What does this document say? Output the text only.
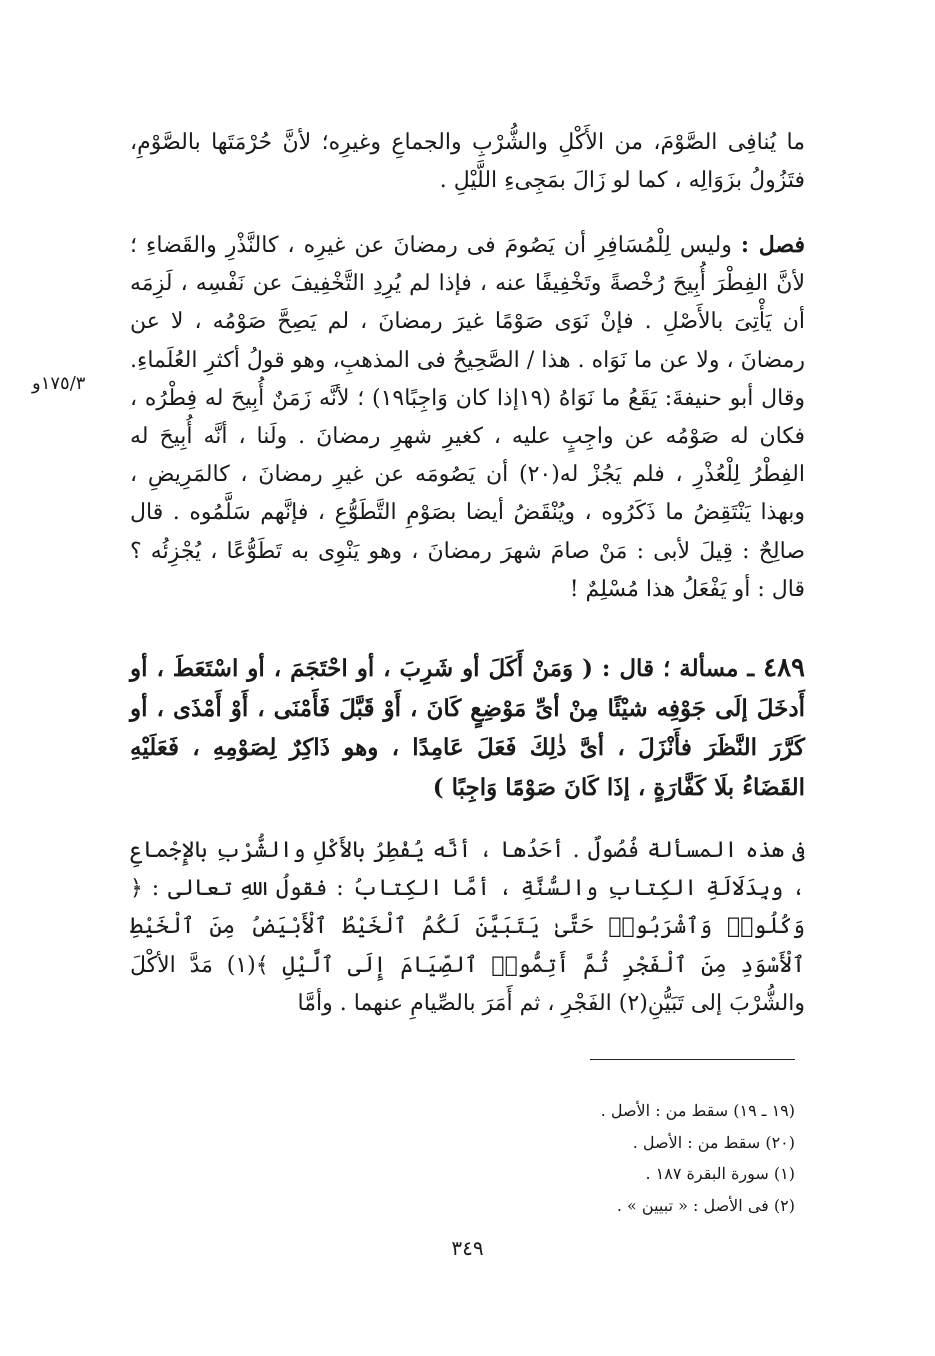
ما يُنافِى الصَّوْمَ، من الأَكْلِ والشُّرْبِ والجماعِ وغيرِه؛ لأنَّ حُرْمَتَها بالصَّوْمِ، فتَزُولُ بزَوَالِه ، كما لو زَالَ بمَجِىءِ اللَّيْلِ .
فصل : وليس لِلْمُسَافِرِ أن يَصُومَ فى رمضانَ عن غيرِه ، كالنَّذْرِ والقَضاءِ ؛ لأنَّ الفِطْرَ أُبِيحَ رُخْصةً وتَخْفِيفًا عنه ، فإذا لم يُرِدِ التَّخْفِيفَ عن نَفْسِه ، لَزِمَه أن يَأْتِىَ بالأَصْلِ . فإنْ نَوَى صَوْمًا غيرَ رمضانَ ، لم يَصِحَّ صَوْمُه ، لا عن رمضانَ ، ولا عن ما نَوَاه . هذا / الصَّحِيحُ فى المذهبِ، وهو قولُ أكثرِ العُلَماءِ. وقال أبو حنيفةَ: يَقَعُ ما نَوَاهُ (١٩إذا كان وَاجِبًا١٩) ؛ لأنَّه زَمَنٌ أُبِيحَ له فِطْرُه ، فكان له صَوْمُه عن واجِبٍ عليه ، كغيرِ شهرِ رمضانَ . ولَنا ، أنَّه أُبِيحَ له الفِطْرُ لِلْعُذْرِ ، فلم يَجُزْ له(٢٠) أن يَصُومَه عن غيرِ رمضانَ ، كالمَرِيضِ ، وبهذا يَنْتَقِضُ ما ذَكَرُوه ، ويُنْقَضُ أيضا بصَوْمِ التَّطَوُّعِ ، فإنَّهم سَلَّمُوه . قال صالِحٌ : قِيلَ لأبى : مَنْ صامَ شهرَ رمضانَ ، وهو يَنْوِى به تَطَوُّعًا ، يُجْزِئُه ؟ قال : أو يَفْعَلُ هذا مُسْلِمٌ !
١٧٥/٣و
٤٨٩ ـ مسألة ؛ قال : ( وَمَنْ أَكَلَ أو شَرِبَ ، أو احْتَجَمَ ، أو اسْتَعَطَ ، أو أَدخَلَ إلَى جَوْفِه شيْئًا مِنْ أىِّ مَوْضِعٍ كَانَ ، أَوْ قَبَّلَ فَأَمْنَى ، أَوْ أَمْذَى ، أو كَرَّرَ النَّظَرَ فأَنْزَلَ ، أىَّ ذٰلِكَ فَعَلَ عَامِدًا ، وهو ذَاكِرٌ لِصَوْمِهِ ، فَعَلَيْهِ القَضَاءُ بلَا كَفَّارَةٍ ، إذَا كَانَ صَوْمًا وَاجِبًا )
فى هذه المسألة فُصُولٌ . أحَدُها ، أنَّه يُفْطِرُ بالأَكْلِ والشُّرْبِ بالإِجْماعِ ، وبِدَلَالَةِ الكِتابِ والسُّنَّةِ ، أمَّا الكِتابُ : فقولُ اللهِ تعالى : ﴿ وَكُلُوا۟ وَٱشْرَبُوا۟ حَتَّىٰ يَتَبَيَّنَ لَكُمُ ٱلْخَيْطُ ٱلْأَبْيَضُ مِنَ ٱلْخَيْطِ ٱلْأَسْوَدِ مِنَ ٱلْفَجْرِ ثُمَّ أَتِمُّوا۟ ٱلصِّيَامَ إِلَى ٱلَّيْلِ ﴾(١) مَدَّ الأكْلَ والشُّرْبَ إلى تَبَيُّنِ(٢) الفَجْرِ ، ثم أَمَرَ بالصِّيامِ عنهما . وأمَّا
(١٩ ـ ١٩) سقط من : الأصل .
(٢٠) سقط من : الأصل .
(١) سورة البقرة ١٨٧ .
(٢) فى الأصل : « تبيين » .
٣٤٩
